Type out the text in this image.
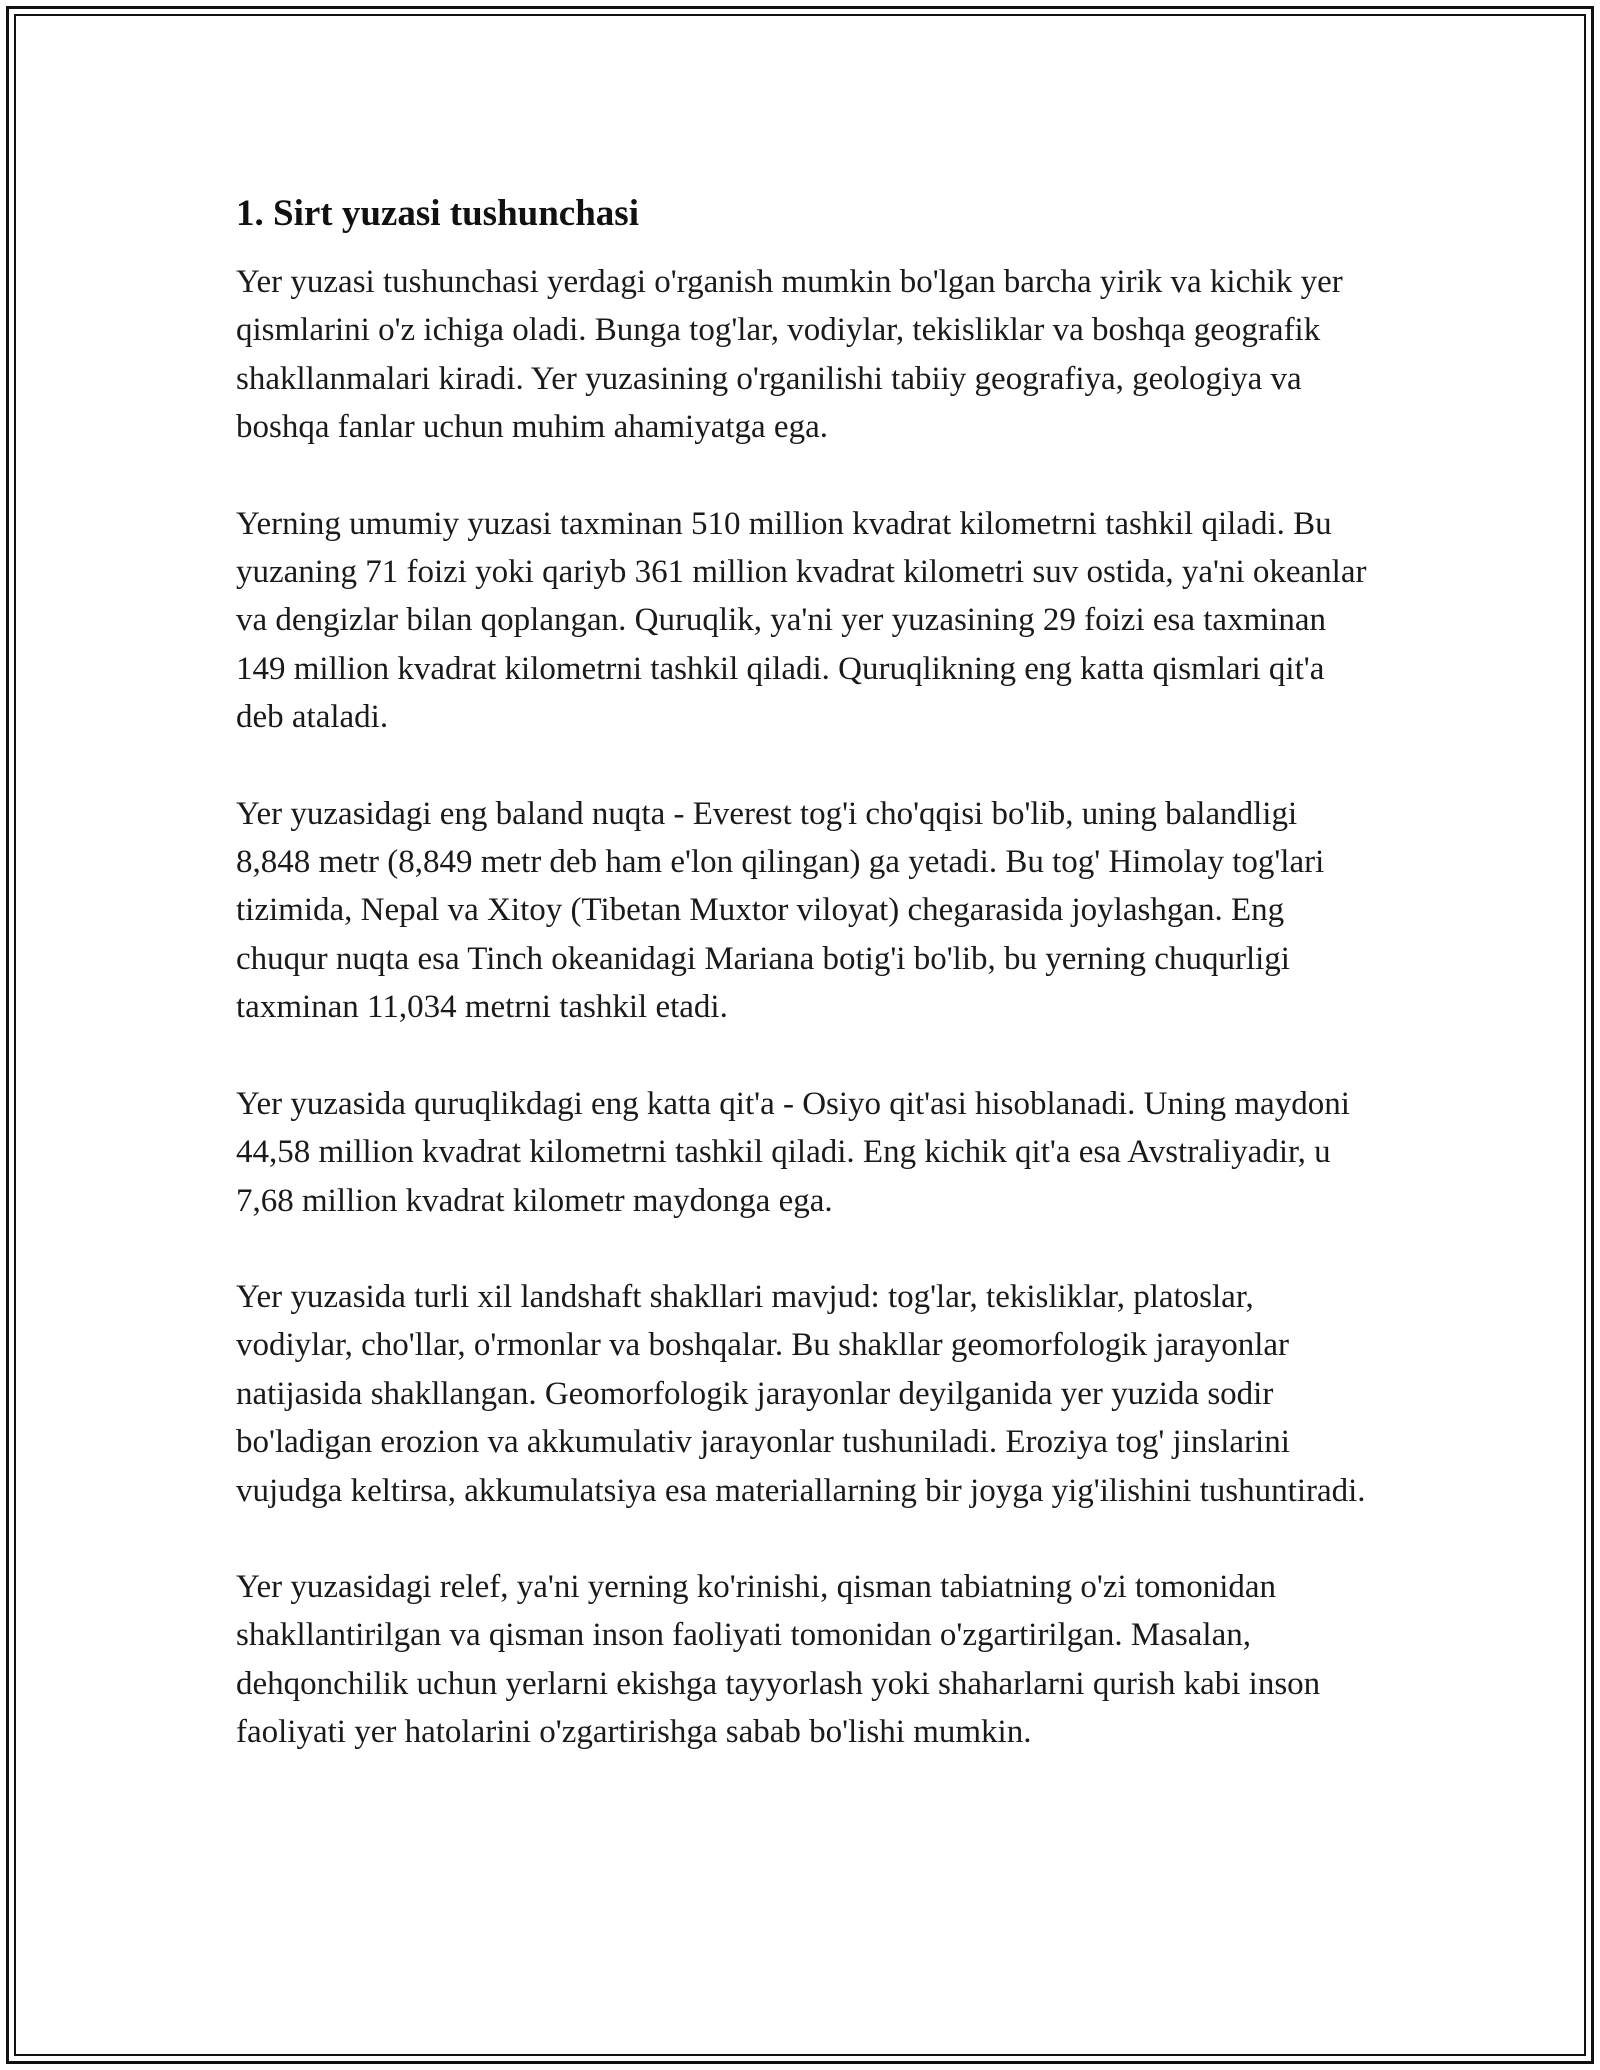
1. Sirt yuzasi tushunchasi

Yer yuzasi tushunchasi yerdagi o'rganish mumkin bo'lgan barcha yirik va kichik yer qismlarini o'z ichiga oladi. Bunga tog'lar, vodiylar, tekisliklar va boshqa geografik shakllanmalari kiradi. Yer yuzasining o'rganilishi tabiiy geografiya, geologiya va boshqa fanlar uchun muhim ahamiyatga ega.

Yerning umumiy yuzasi taxminan 510 million kvadrat kilometrni tashkil qiladi. Bu yuzaning 71 foizi yoki qariyb 361 million kvadrat kilometri suv ostida, ya'ni okeanlar va dengizlar bilan qoplangan. Quruqlik, ya'ni yer yuzasining 29 foizi esa taxminan 149 million kvadrat kilometrni tashkil qiladi. Quruqlikning eng katta qismlari qit'a deb ataladi.

Yer yuzasidagi eng baland nuqta - Everest tog'i cho'qqisi bo'lib, uning balandligi 8,848 metr (8,849 metr deb ham e'lon qilingan) ga yetadi. Bu tog' Himolay tog'lari tizimida, Nepal va Xitoy (Tibetan Muxtor viloyat) chegarasida joylashgan. Eng chuqur nuqta esa Tinch okeanidagi Mariana botig'i bo'lib, bu yerning chuqurligi taxminan 11,034 metrni tashkil etadi.

Yer yuzasida quruqlikdagi eng katta qit'a - Osiyo qit'asi hisoblanadi. Uning maydoni 44,58 million kvadrat kilometrni tashkil qiladi. Eng kichik qit'a esa Avstraliyadir, u 7,68 million kvadrat kilometr maydonga ega.

Yer yuzasida turli xil landshaft shakllari mavjud: tog'lar, tekisliklar, platoslar, vodiylar, cho'llar, o'rmonlar va boshqalar. Bu shakllar geomorfologik jarayonlar natijasida shakllangan. Geomorfologik jarayonlar deyilganida yer yuzida sodir bo'ladigan erozion va akkumulativ jarayonlar tushuniladi. Eroziya tog' jinslarini vujudga keltirsa, akkumulatsiya esa materiallarning bir joyga yig'ilishini tushuntiradi.

Yer yuzasidagi relef, ya'ni yerning ko'rinishi, qisman tabiatning o'zi tomonidan shakllantirilgan va qisman inson faoliyati tomonidan o'zgartirilgan. Masalan, dehqonchilik uchun yerlarni ekishga tayyorlash yoki shaharlarni qurish kabi inson faoliyati yer hatolarini o'zgartirishga sabab bo'lishi mumkin.
